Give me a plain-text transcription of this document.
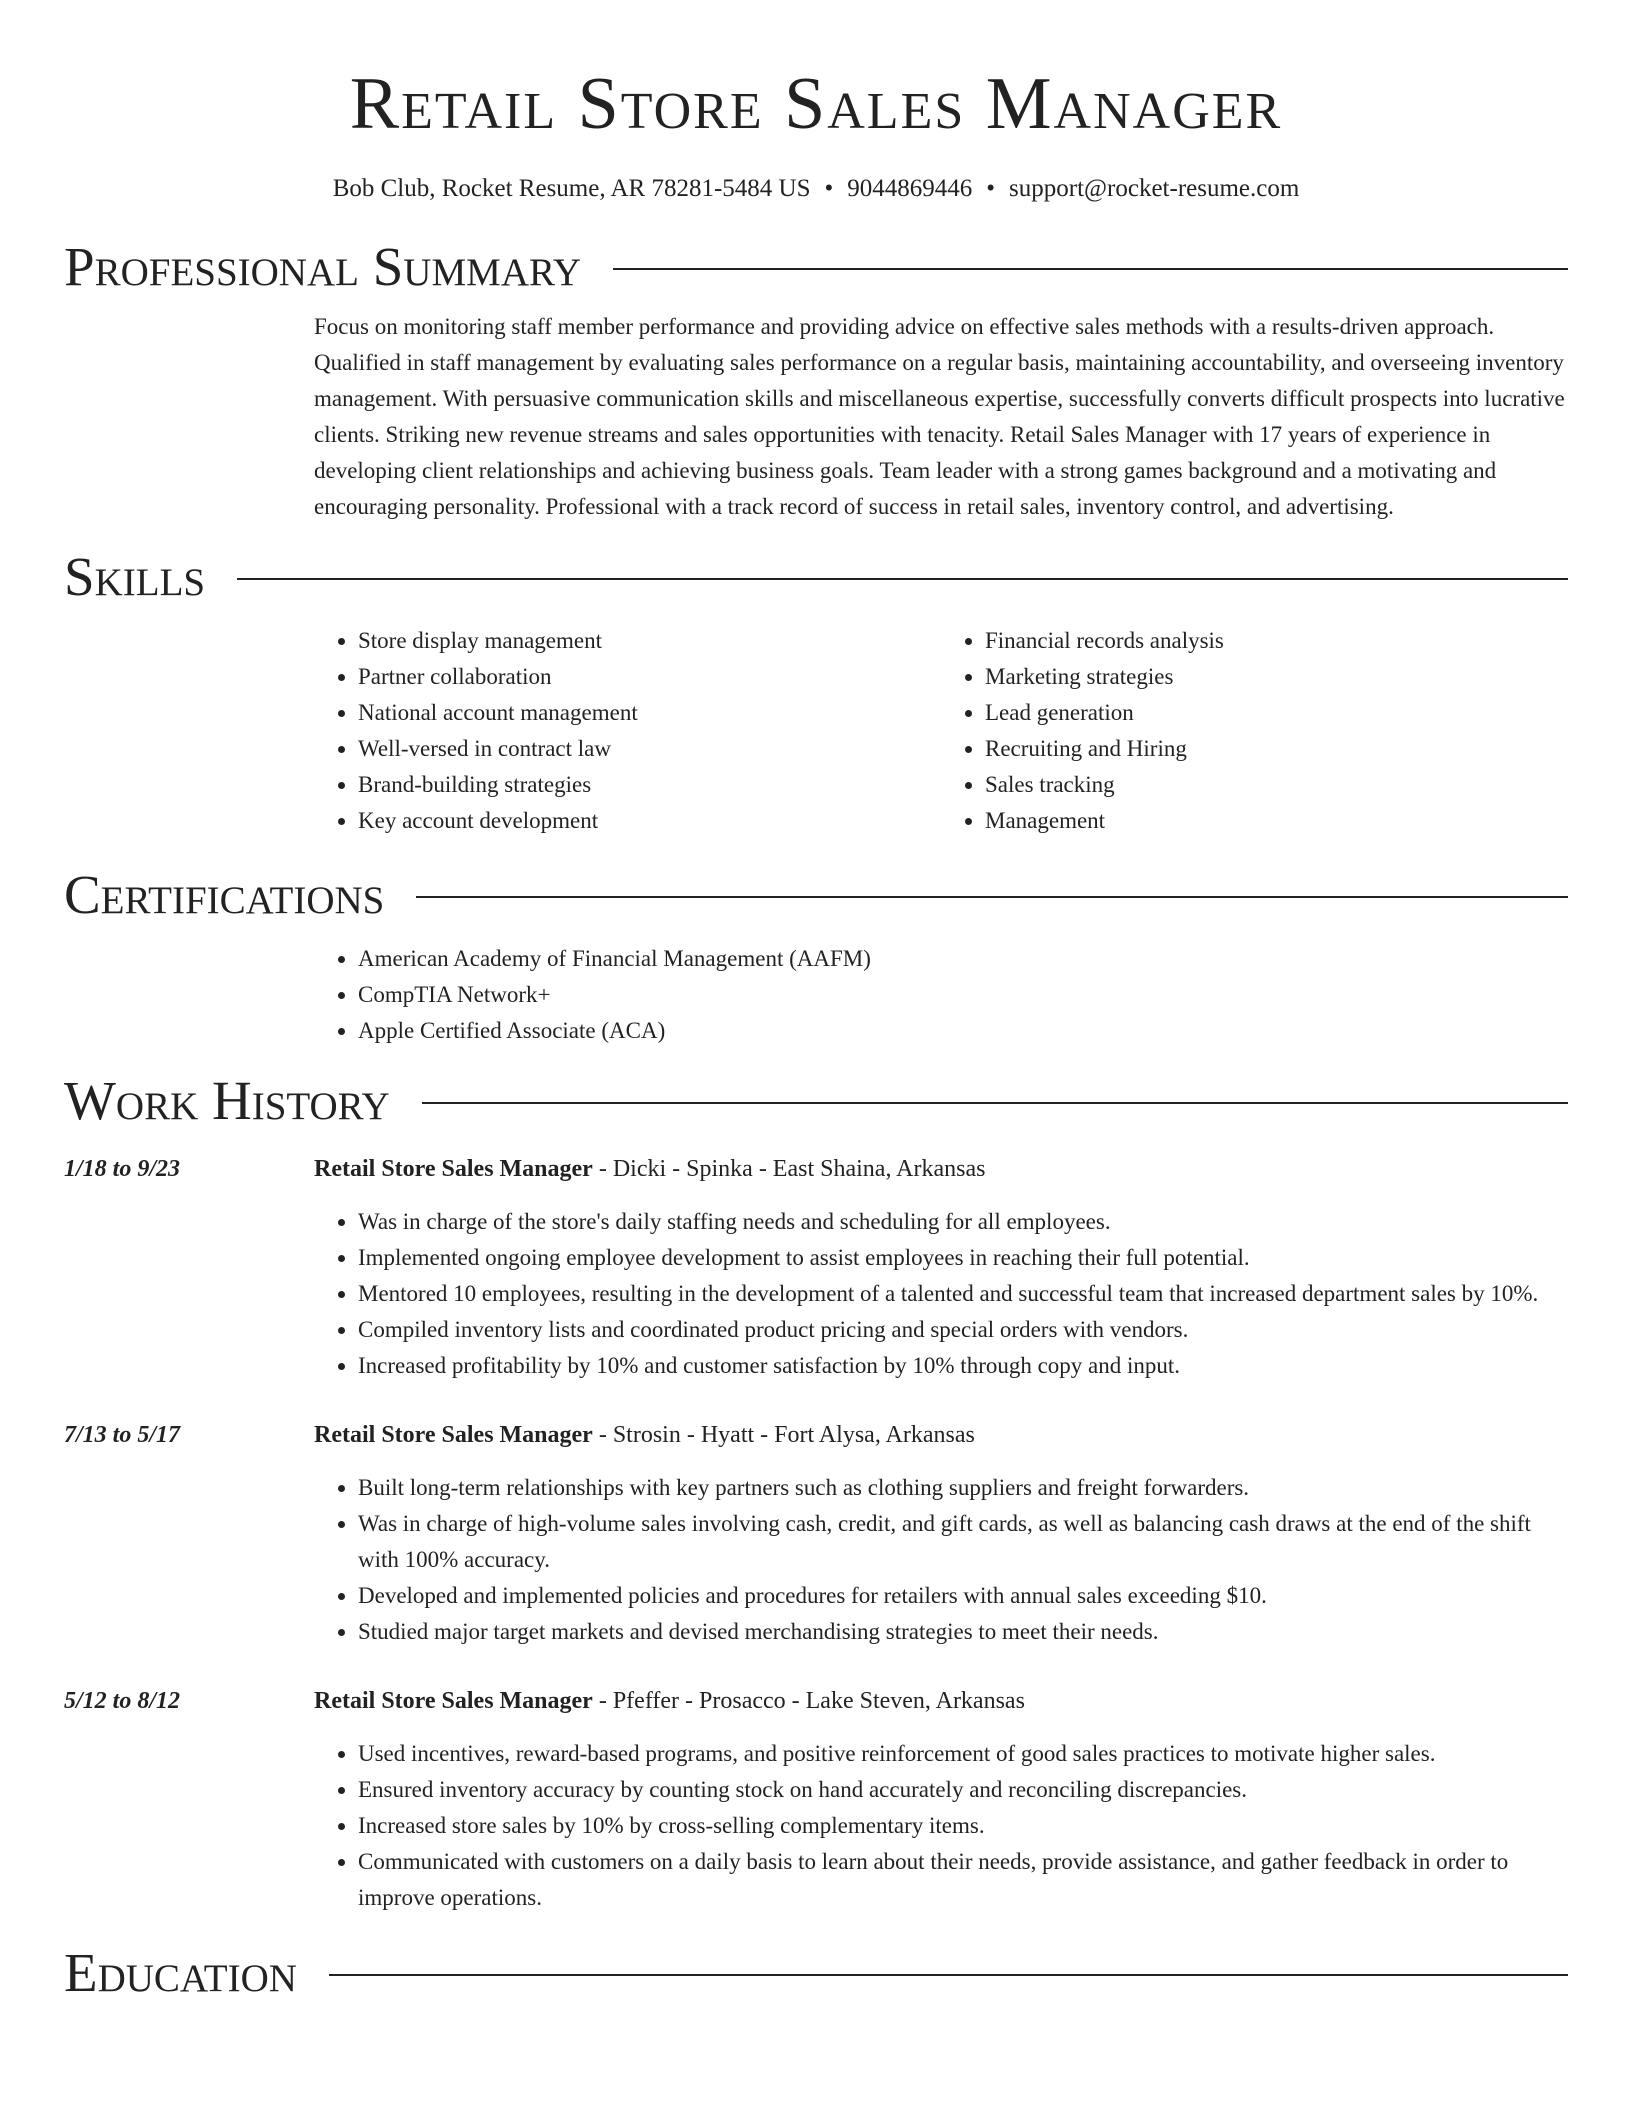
Retail Store Sales Manager
Bob Club, Rocket Resume, AR 78281-5484 US • 9044869446 • support@rocket-resume.com
Professional Summary

Focus on monitoring staff member performance and providing advice on effective sales methods with a results-driven approach. Qualified in staff management by evaluating sales performance on a regular basis, maintaining accountability, and overseeing inventory management. With persuasive communication skills and miscellaneous expertise, successfully converts difficult prospects into lucrative clients. Striking new revenue streams and sales opportunities with tenacity. Retail Sales Manager with 17 years of experience in developing client relationships and achieving business goals. Team leader with a strong games background and a motivating and encouraging personality. Professional with a track record of success in retail sales, inventory control, and advertising.

Skills
• Store display management
• Partner collaboration
• National account management
• Well-versed in contract law
• Brand-building strategies
• Key account development
• Financial records analysis
• Marketing strategies
• Lead generation
• Recruiting and Hiring
• Sales tracking
• Management
Certifications
• American Academy of Financial Management (AAFM)
• CompTIA Network+
• Apple Certified Associate (ACA)
Work History
1/18 to 9/23	Retail Store Sales Manager - Dicki - Spinka - East Shaina, Arkansas
• Was in charge of the store's daily staffing needs and scheduling for all employees.
• Implemented ongoing employee development to assist employees in reaching their full potential.
• Mentored 10 employees, resulting in the development of a talented and successful team that increased department sales by 10%.
• Compiled inventory lists and coordinated product pricing and special orders with vendors.
• Increased profitability by 10% and customer satisfaction by 10% through copy and input.
7/13 to 5/17	Retail Store Sales Manager - Strosin - Hyatt - Fort Alysa, Arkansas
• Built long-term relationships with key partners such as clothing suppliers and freight forwarders.
• Was in charge of high-volume sales involving cash, credit, and gift cards, as well as balancing cash draws at the end of the shift with 100% accuracy.
• Developed and implemented policies and procedures for retailers with annual sales exceeding $10.
• Studied major target markets and devised merchandising strategies to meet their needs.
5/12 to 8/12	Retail Store Sales Manager - Pfeffer - Prosacco - Lake Steven, Arkansas
• Used incentives, reward-based programs, and positive reinforcement of good sales practices to motivate higher sales.
• Ensured inventory accuracy by counting stock on hand accurately and reconciling discrepancies.
• Increased store sales by 10% by cross-selling complementary items.
• Communicated with customers on a daily basis to learn about their needs, provide assistance, and gather feedback in order to improve operations.
Education
